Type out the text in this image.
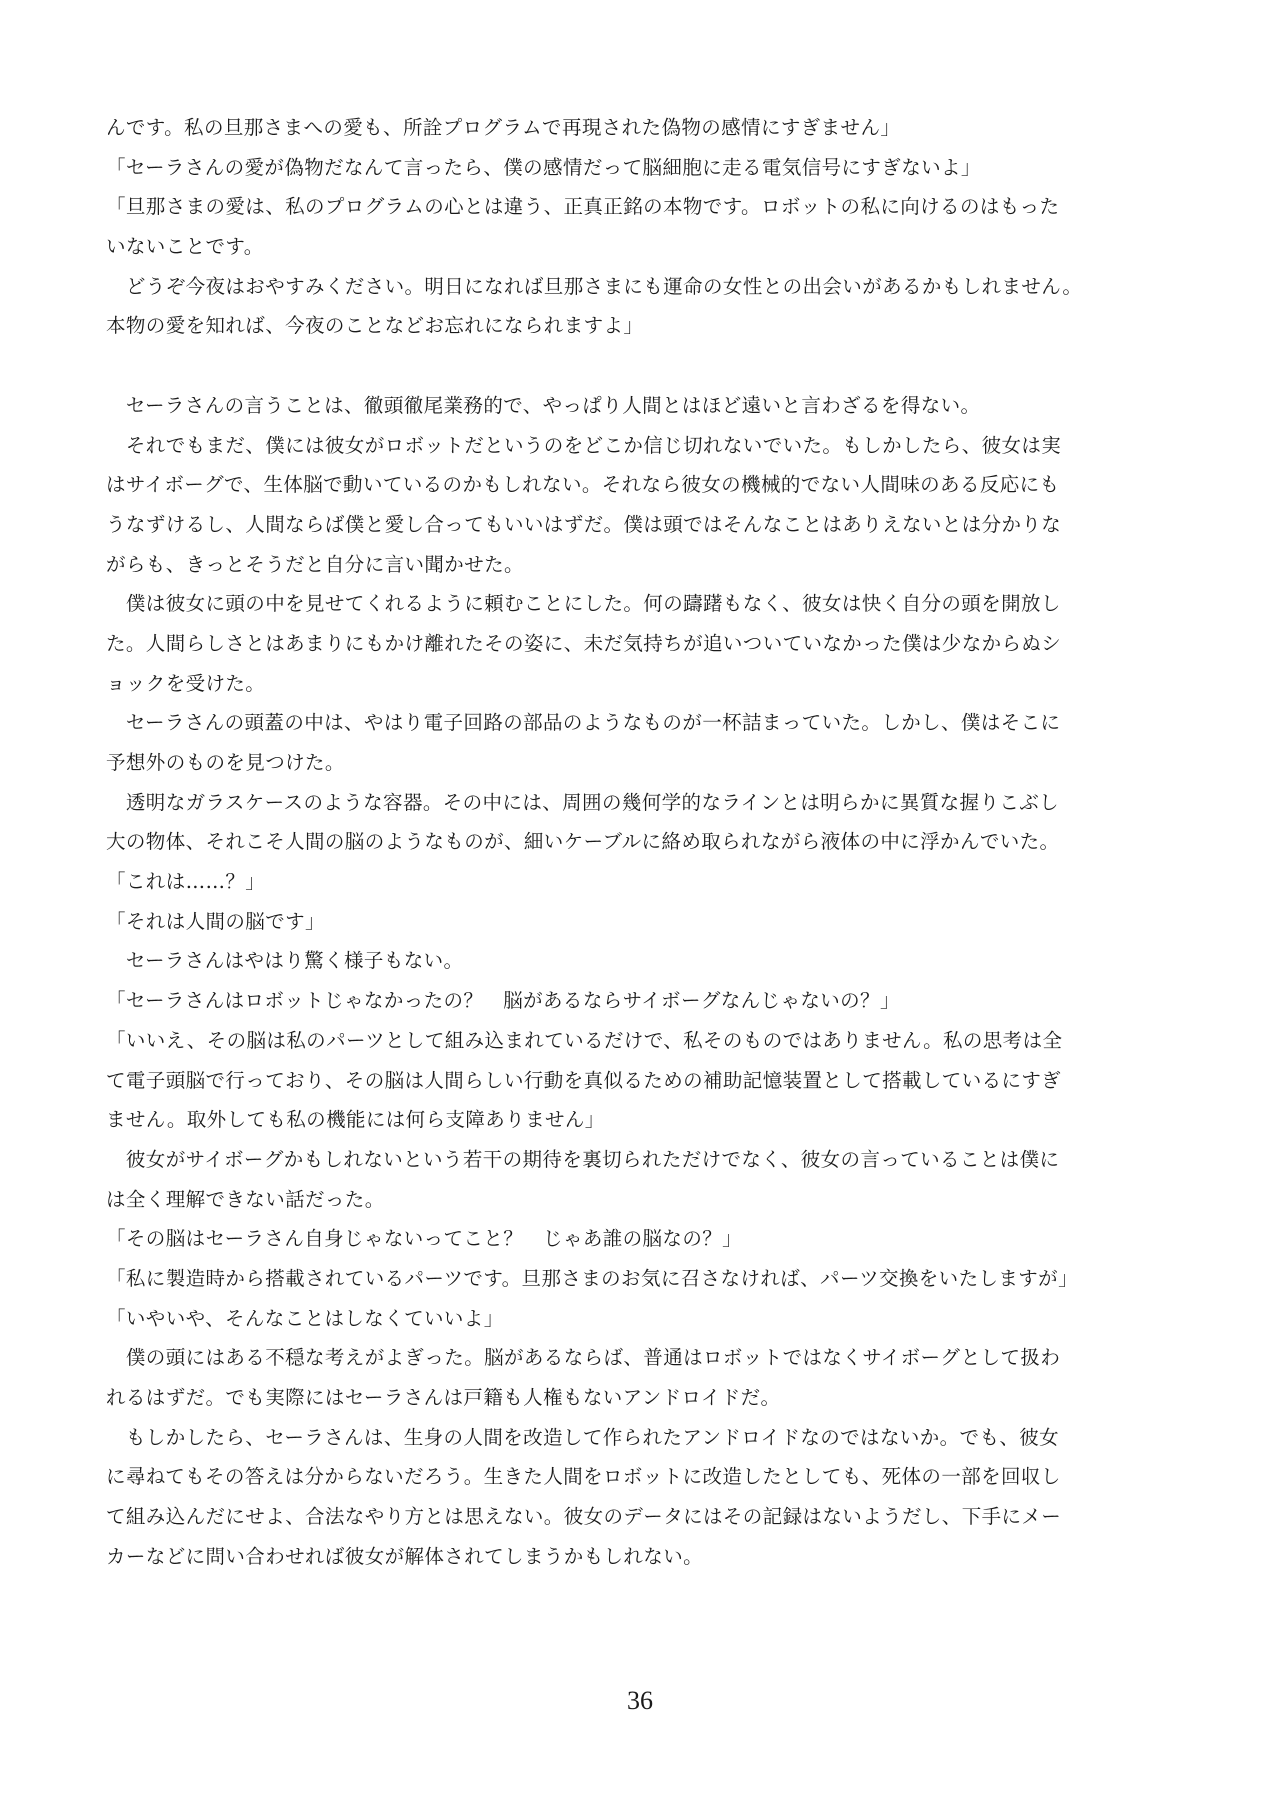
んです。私の旦那さまへの愛も、所詮プログラムで再現された偽物の感情にすぎません」
「セーラさんの愛が偽物だなんて言ったら、僕の感情だって脳細胞に走る電気信号にすぎないよ」
「旦那さまの愛は、私のプログラムの心とは違う、正真正銘の本物です。ロボットの私に向けるのはもった
いないことです。
　どうぞ今夜はおやすみください。明日になれば旦那さまにも運命の女性との出会いがあるかもしれません。
本物の愛を知れば、今夜のことなどお忘れになられますよ」
　セーラさんの言うことは、徹頭徹尾業務的で、やっぱり人間とはほど遠いと言わざるを得ない。
　それでもまだ、僕には彼女がロボットだというのをどこか信じ切れないでいた。もしかしたら、彼女は実
はサイボーグで、生体脳で動いているのかもしれない。それなら彼女の機械的でない人間味のある反応にも
うなずけるし、人間ならば僕と愛し合ってもいいはずだ。僕は頭ではそんなことはありえないとは分かりな
がらも、きっとそうだと自分に言い聞かせた。
　僕は彼女に頭の中を見せてくれるように頼むことにした。何の躊躇もなく、彼女は快く自分の頭を開放し
た。人間らしさとはあまりにもかけ離れたその姿に、未だ気持ちが追いついていなかった僕は少なからぬシ
ョックを受けた。
　セーラさんの頭蓋の中は、やはり電子回路の部品のようなものが一杯詰まっていた。しかし、僕はそこに
予想外のものを見つけた。
　透明なガラスケースのような容器。その中には、周囲の幾何学的なラインとは明らかに異質な握りこぶし
大の物体、それこそ人間の脳のようなものが、細いケーブルに絡め取られながら液体の中に浮かんでいた。
「これは……？」
「それは人間の脳です」
　セーラさんはやはり驚く様子もない。
「セーラさんはロボットじゃなかったの？　脳があるならサイボーグなんじゃないの？」
「いいえ、その脳は私のパーツとして組み込まれているだけで、私そのものではありません。私の思考は全
て電子頭脳で行っており、その脳は人間らしい行動を真似るための補助記憶装置として搭載しているにすぎ
ません。取外しても私の機能には何ら支障ありません」
　彼女がサイボーグかもしれないという若干の期待を裏切られただけでなく、彼女の言っていることは僕に
は全く理解できない話だった。
「その脳はセーラさん自身じゃないってこと？　じゃあ誰の脳なの？」
「私に製造時から搭載されているパーツです。旦那さまのお気に召さなければ、パーツ交換をいたしますが」
「いやいや、そんなことはしなくていいよ」
　僕の頭にはある不穏な考えがよぎった。脳があるならば、普通はロボットではなくサイボーグとして扱わ
れるはずだ。でも実際にはセーラさんは戸籍も人権もないアンドロイドだ。
　もしかしたら、セーラさんは、生身の人間を改造して作られたアンドロイドなのではないか。でも、彼女
に尋ねてもその答えは分からないだろう。生きた人間をロボットに改造したとしても、死体の一部を回収し
て組み込んだにせよ、合法なやり方とは思えない。彼女のデータにはその記録はないようだし、下手にメー
カーなどに問い合わせれば彼女が解体されてしまうかもしれない。
36
